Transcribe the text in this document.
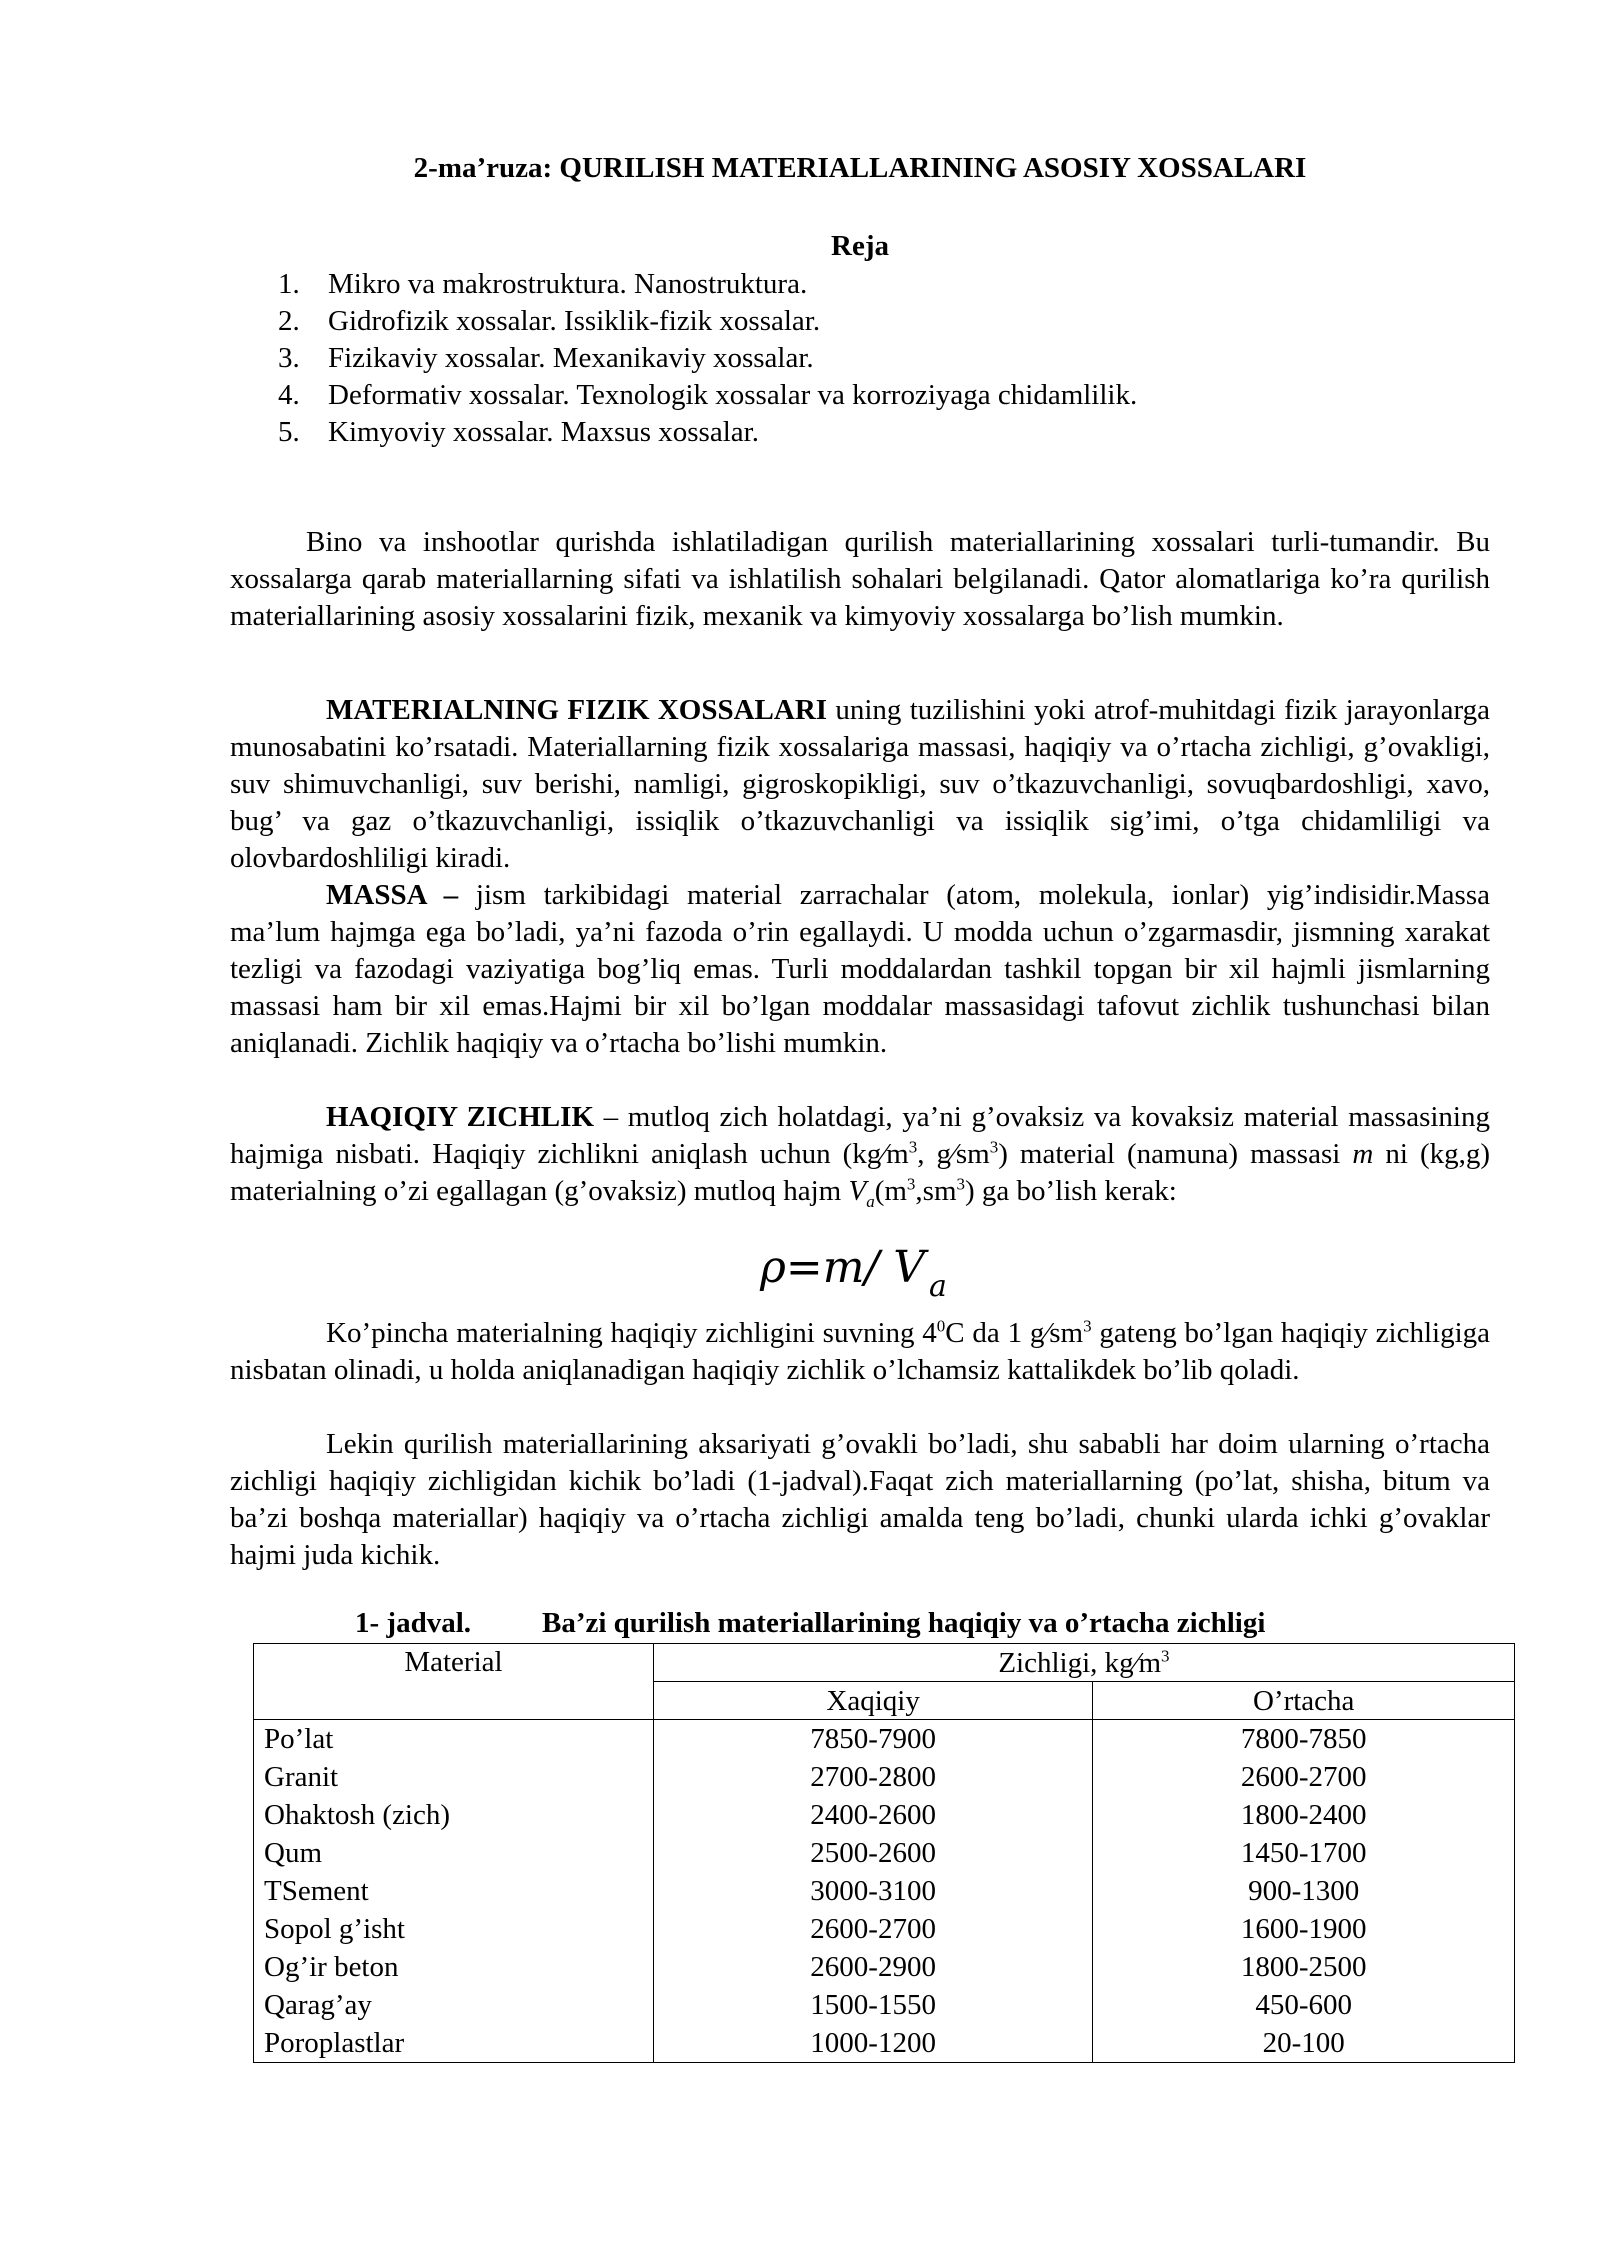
2-ma’ruza: QURILISH MATERIALLARINING ASOSIY XOSSALARI
Reja
1. Mikro va makrostruktura. Nanostruktura.
2. Gidrofizik xossalar. Issiklik-fizik xossalar.
3. Fizikaviy xossalar. Mexanikaviy xossalar.
4. Deformativ xossalar. Texnologik xossalar va korroziyaga chidamlilik.
5. Kimyoviy xossalar. Maxsus xossalar.

Bino va inshootlar qurishda ishlatiladigan qurilish materiallarining xossalari turli-tumandir. Bu xossalarga qarab materiallarning sifati va ishlatilish sohalari belgilanadi. Qator alomatlariga ko’ra qurilish materiallarining asosiy xossalarini fizik, mexanik va kimyoviy xossalarga bo’lish mumkin.

MATERIALNING FIZIK XOSSALARI uning tuzilishini yoki atrof-muhitdagi fizik jarayonlarga munosabatini ko’rsatadi. Materiallarning fizik xossalariga massasi, haqiqiy va o’rtacha zichligi, g’ovakligi, suv shimuvchanligi, suv berishi, namligi, gigroskopikligi, suv o’tkazuvchanligi, sovuqbardoshligi, xavo, bug’ va gaz o’tkazuvchanligi, issiqlik o’tkazuvchanligi va issiqlik sig’imi, o’tga chidamliligi va olovbardoshliligi kiradi.

MASSA – jism tarkibidagi material zarrachalar (atom, molekula, ionlar) yig’indisidir.Massa ma’lum hajmga ega bo’ladi, ya’ni fazoda o’rin egallaydi. U modda uchun o’zgarmasdir, jismning xarakat tezligi va fazodagi vaziyatiga bog’liq emas. Turli moddalardan tashkil topgan bir xil hajmli jismlarning massasi ham bir xil emas.Hajmi bir xil bo’lgan moddalar massasidagi tafovut zichlik tushunchasi bilan aniqlanadi. Zichlik haqiqiy va o’rtacha bo’lishi mumkin.

HAQIQIY ZICHLIK – mutloq zich holatdagi, ya’ni g’ovaksiz va kovaksiz material massasining hajmiga nisbati. Haqiqiy zichlikni aniqlash uchun ($kg⁄m^3$, $g⁄sm^3$) material (namuna) massasi m ni (kg,g) materialning o’zi egallagan (g’ovaksiz) mutloq hajm $V_a(m^3,sm^3)$ ga bo’lish kerak:

ρ=m/ V $_a$

Ko’pincha materialning haqiqiy zichligini suvning $4^0C$ da 1 $g⁄sm^3$ gateng bo’lgan haqiqiy zichligiga nisbatan olinadi, u holda aniqlanadigan haqiqiy zichlik o’lchamsiz kattalikdek bo’lib qoladi.

Lekin qurilish materiallarining aksariyati g’ovakli bo’ladi, shu sababli har doim ularning o’rtacha zichligi haqiqiy zichligidan kichik bo’ladi (1-jadval).Faqat zich materiallarning (po’lat, shisha, bitum va ba’zi boshqa materiallar) haqiqiy va o’rtacha zichligi amalda teng bo’ladi, chunki ularda ichki g’ovaklar hajmi juda kichik.

1- jadval. Ba’zi qurilish materiallarining haqiqiy va o’rtacha zichligi
Material	Zichligi, $kg⁄m^3$
	Xaqiqiy	O’rtacha
Po’lat	7850-7900	7800-7850
Granit	2700-2800	2600-2700
Ohaktosh (zich)	2400-2600	1800-2400
Qum	2500-2600	1450-1700
TSement	3000-3100	900-1300
Sopol g’isht	2600-2700	1600-1900
Og’ir beton	2600-2900	1800-2500
Qarag’ay	1500-1550	450-600
Poroplastlar	1000-1200	20-100
